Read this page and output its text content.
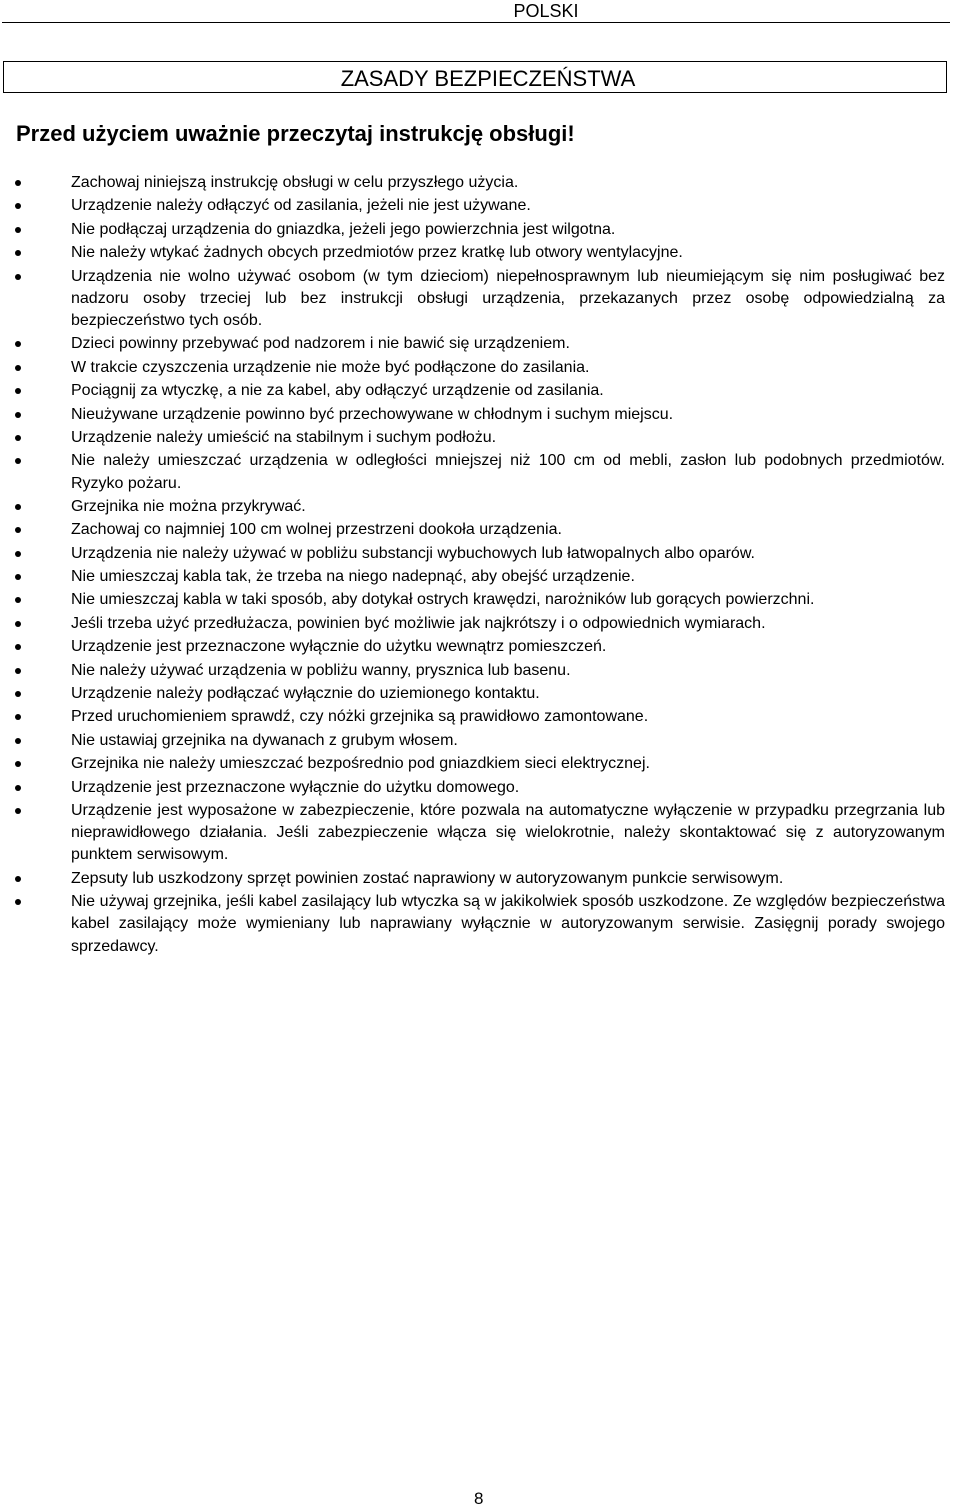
POLSKI
ZASADY BEZPIECZEŃSTWA
Przed użyciem uważnie przeczytaj instrukcję obsługi!
Zachowaj niniejszą instrukcję obsługi w celu przyszłego użycia.
Urządzenie należy odłączyć od zasilania, jeżeli nie jest używane.
Nie podłączaj urządzenia do gniazdka, jeżeli jego powierzchnia jest wilgotna.
Nie należy wtykać żadnych obcych przedmiotów przez kratkę lub otwory wentylacyjne.
Urządzenia nie wolno używać osobom (w tym dzieciom) niepełnosprawnym lub nieumiejącym się nim posługiwać bez nadzoru osoby trzeciej lub bez instrukcji obsługi urządzenia, przekazanych przez osobę odpowiedzialną za bezpieczeństwo tych osób.
Dzieci powinny przebywać pod nadzorem i nie bawić się urządzeniem.
W trakcie czyszczenia urządzenie nie może być podłączone do zasilania.
Pociągnij za wtyczkę, a nie za kabel, aby odłączyć urządzenie od zasilania.
Nieużywane urządzenie powinno być przechowywane w chłodnym i suchym miejscu.
Urządzenie należy umieścić na stabilnym i suchym podłożu.
Nie należy umieszczać urządzenia w odległości mniejszej niż 100 cm od mebli, zasłon lub podobnych przedmiotów. Ryzyko pożaru.
Grzejnika nie można przykrywać.
Zachowaj co najmniej 100 cm wolnej przestrzeni dookoła urządzenia.
Urządzenia nie należy używać w pobliżu substancji wybuchowych lub łatwopalnych albo oparów.
Nie umieszczaj kabla tak, że trzeba na niego nadepnąć, aby obejść urządzenie.
Nie umieszczaj kabla w taki sposób, aby dotykał ostrych krawędzi, narożników lub gorących powierzchni.
Jeśli trzeba użyć przedłużacza, powinien być możliwie jak najkrótszy i o odpowiednich wymiarach.
Urządzenie jest przeznaczone wyłącznie do użytku wewnątrz pomieszczeń.
Nie należy używać urządzenia w pobliżu wanny, prysznica lub basenu.
Urządzenie należy podłączać wyłącznie do uziemionego kontaktu.
Przed uruchomieniem sprawdź, czy nóżki grzejnika są prawidłowo zamontowane.
Nie ustawiaj grzejnika na dywanach z grubym włosem.
Grzejnika nie należy umieszczać bezpośrednio pod gniazdkiem sieci elektrycznej.
Urządzenie jest przeznaczone wyłącznie do użytku domowego.
Urządzenie jest wyposażone w zabezpieczenie, które pozwala na automatyczne wyłączenie w przypadku przegrzania lub nieprawidłowego działania. Jeśli zabezpieczenie włącza się wielokrotnie, należy skontaktować się z autoryzowanym punktem serwisowym.
Zepsuty lub uszkodzony sprzęt powinien zostać naprawiony w autoryzowanym punkcie serwisowym.
Nie używaj grzejnika, jeśli kabel zasilający lub wtyczka są w jakikolwiek sposób uszkodzone. Ze względów bezpieczeństwa kabel zasilający może wymieniany lub naprawiany wyłącznie w autoryzowanym serwisie. Zasięgnij porady swojego sprzedawcy.
8
